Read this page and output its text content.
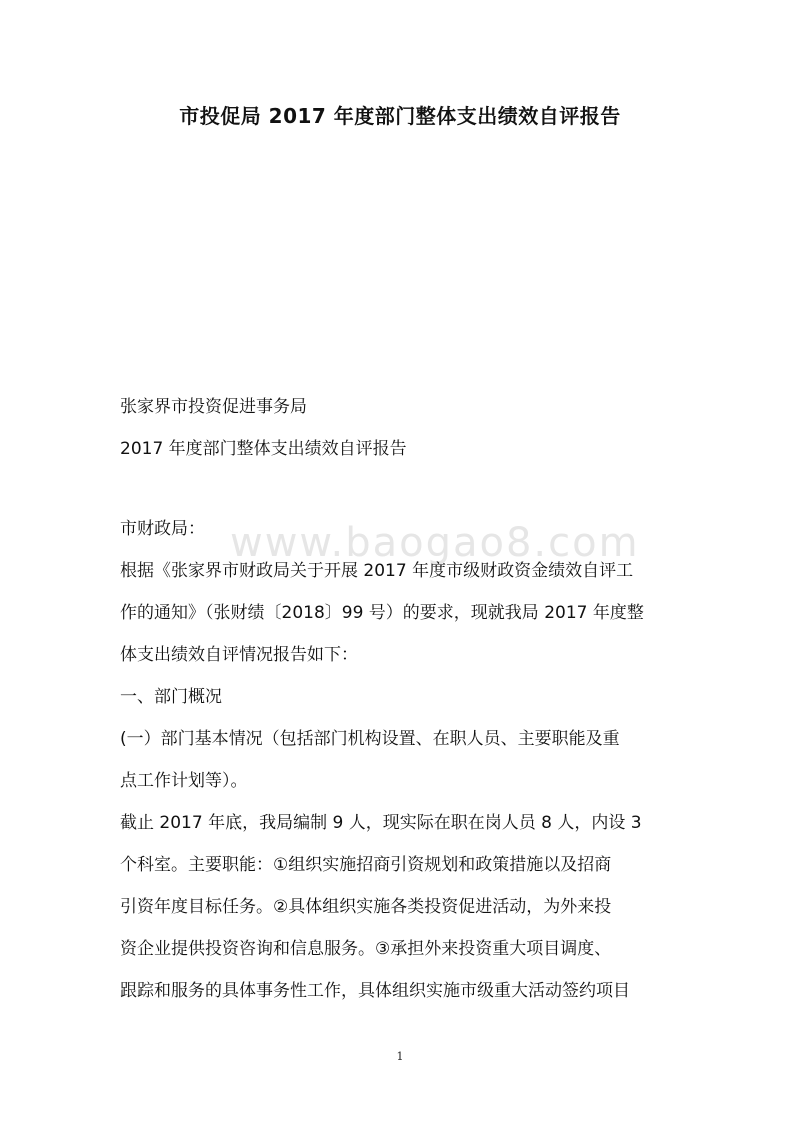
www.baogao8.com
市投促局 2017 年度部门整体支出绩效自评报告
张家界市投资促进事务局
2017 年度部门整体支出绩效自评报告
市财政局：
根据《张家界市财政局关于开展 2017 年度市级财政资金绩效自评工
作的通知》（张财绩〔2018〕99 号）的要求，现就我局 2017 年度整
体支出绩效自评情况报告如下：
一、部门概况
(一）部门基本情况（包括部门机构设置、在职人员、主要职能及重
点工作计划等）。
截止 2017 年底，我局编制 9 人，现实际在职在岗人员 8 人，内设 3
个科室。主要职能：①组织实施招商引资规划和政策措施以及招商
引资年度目标任务。②具体组织实施各类投资促进活动，为外来投
资企业提供投资咨询和信息服务。③承担外来投资重大项目调度、
跟踪和服务的具体事务性工作，具体组织实施市级重大活动签约项目
1
